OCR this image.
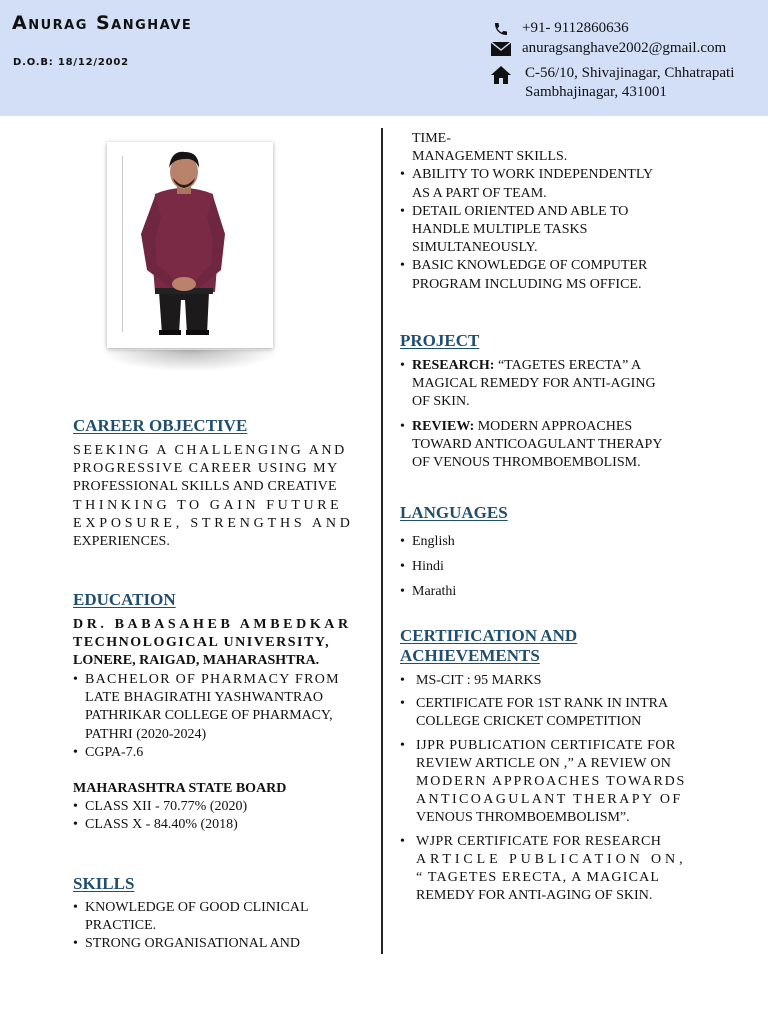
Anurag Sanghave
D.O.B: 18/12/2002
+91- 9112860636
anuragsanghave2002@gmail.com
C-56/10, Shivajinagar, Chhatrapati
Sambhajinagar, 431001
CAREER OBJECTIVE
SEEKING A CHALLENGING AND
PROGRESSIVE CAREER USING MY
PROFESSIONAL SKILLS AND CREATIVE
THINKING TO GAIN FUTURE
EXPOSURE, STRENGTHS AND
EXPERIENCES.
EDUCATION
DR. BABASAHEB AMBEDKAR
TECHNOLOGICAL UNIVERSITY,
LONERE, RAIGAD, MAHARASHTRA.
• BACHELOR OF PHARMACY FROM
LATE BHAGIRATHI YASHWANTRAO
PATHRIKAR COLLEGE OF PHARMACY,
PATHRI (2020-2024)
• CGPA-7.6
MAHARASHTRA STATE BOARD
• CLASS XII - 70.77% (2020)
• CLASS X - 84.40% (2018)
SKILLS
• KNOWLEDGE OF GOOD CLINICAL
PRACTICE.
• STRONG ORGANISATIONAL AND
TIME-
MANAGEMENT SKILLS.
• ABILITY TO WORK INDEPENDENTLY
AS A PART OF TEAM.
• DETAIL ORIENTED AND ABLE TO
HANDLE MULTIPLE TASKS
SIMULTANEOUSLY.
• BASIC KNOWLEDGE OF COMPUTER
PROGRAM INCLUDING MS OFFICE.
PROJECT
• RESEARCH: “TAGETES ERECTA” A
MAGICAL REMEDY FOR ANTI-AGING
OF SKIN.
• REVIEW: MODERN APPROACHES
TOWARD ANTICOAGULANT THERAPY
OF VENOUS THROMBOEMBOLISM.
LANGUAGES
• English
• Hindi
• Marathi
CERTIFICATION AND
ACHIEVEMENTS
• MS-CIT : 95 MARKS
• CERTIFICATE FOR 1ST RANK IN INTRA
COLLEGE CRICKET COMPETITION
• IJPR PUBLICATION CERTIFICATE FOR
REVIEW ARTICLE ON ,” A REVIEW ON
MODERN APPROACHES TOWARDS
ANTICOAGULANT THERAPY OF
VENOUS THROMBOEMBOLISM”.
• WJPR CERTIFICATE FOR RESEARCH
ARTICLE PUBLICATION ON,
“ TAGETES ERECTA, A MAGICAL
REMEDY FOR ANTI-AGING OF SKIN.
